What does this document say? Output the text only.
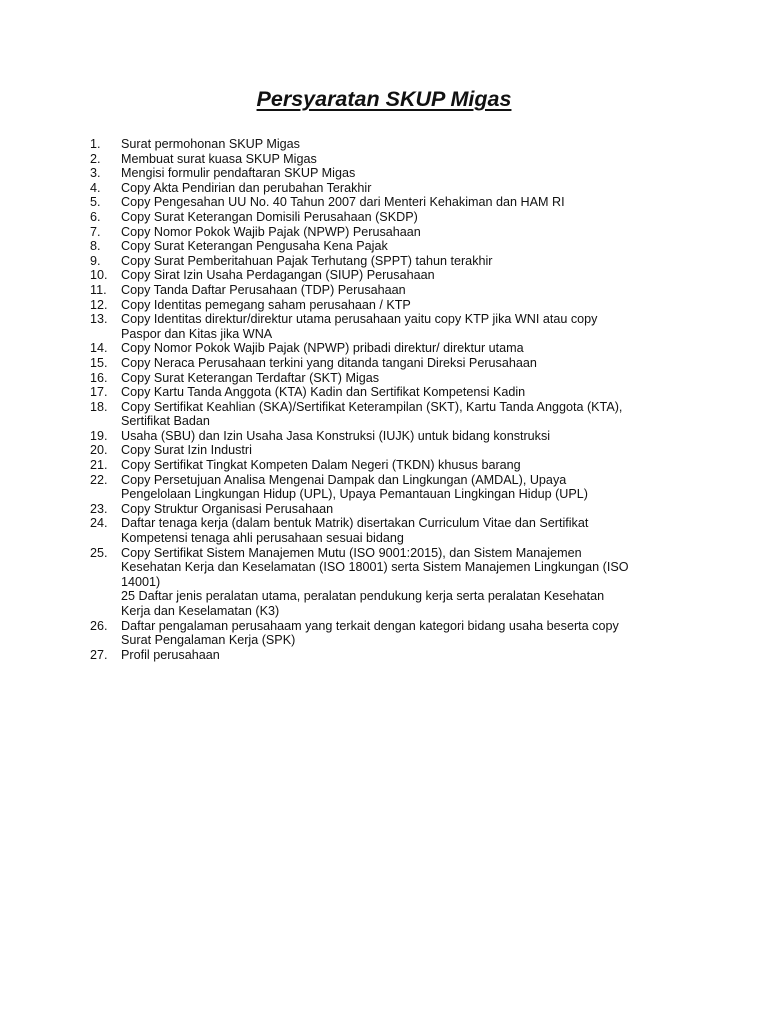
Persyaratan SKUP Migas
1.	Surat permohonan SKUP Migas
2.	Membuat surat kuasa SKUP Migas
3.	Mengisi formulir pendaftaran SKUP Migas
4.	Copy Akta Pendirian dan perubahan Terakhir
5.	Copy Pengesahan UU No. 40 Tahun 2007 dari Menteri Kehakiman dan HAM RI
6.	Copy Surat Keterangan Domisili Perusahaan (SKDP)
7.	Copy Nomor Pokok Wajib Pajak (NPWP) Perusahaan
8.	Copy Surat Keterangan Pengusaha Kena Pajak
9.	Copy Surat Pemberitahuan Pajak Terhutang (SPPT) tahun terakhir
10.	Copy Sirat Izin Usaha Perdagangan (SIUP) Perusahaan
11.	Copy Tanda Daftar Perusahaan (TDP) Perusahaan
12.	Copy Identitas pemegang saham perusahaan / KTP
13.	Copy Identitas direktur/direktur utama perusahaan yaitu copy KTP jika WNI atau copy
Paspor dan Kitas jika WNA
14.	Copy Nomor Pokok Wajib Pajak (NPWP) pribadi direktur/ direktur utama
15.	Copy Neraca Perusahaan terkini yang ditanda tangani Direksi Perusahaan
16.	Copy Surat Keterangan Terdaftar (SKT) Migas
17.	Copy Kartu Tanda Anggota (KTA) Kadin dan Sertifikat Kompetensi Kadin
18.	Copy Sertifikat Keahlian (SKA)/Sertifikat Keterampilan (SKT), Kartu Tanda Anggota (KTA),
Sertifikat Badan
19.	Usaha (SBU) dan Izin Usaha Jasa Konstruksi (IUJK) untuk bidang konstruksi
20.	Copy Surat Izin Industri
21.	Copy Sertifikat Tingkat Kompeten Dalam Negeri (TKDN) khusus barang
22.	Copy Persetujuan Analisa Mengenai Dampak dan Lingkungan (AMDAL), Upaya
Pengelolaan Lingkungan Hidup (UPL), Upaya Pemantauan Lingkingan Hidup (UPL)
23.	Copy Struktur Organisasi Perusahaan
24.	Daftar tenaga kerja (dalam bentuk Matrik) disertakan Curriculum Vitae dan Sertifikat
Kompetensi tenaga ahli perusahaan sesuai bidang
25.	Copy Sertifikat Sistem Manajemen Mutu (ISO 9001:2015), dan Sistem Manajemen
Kesehatan Kerja dan Keselamatan (ISO 18001) serta Sistem Manajemen Lingkungan (ISO
14001)
25 Daftar jenis peralatan utama, peralatan pendukung kerja serta peralatan Kesehatan
Kerja dan Keselamatan (K3)
26.	Daftar pengalaman perusahaam yang terkait dengan kategori bidang usaha beserta copy
Surat Pengalaman Kerja (SPK)
27.	Profil perusahaan
